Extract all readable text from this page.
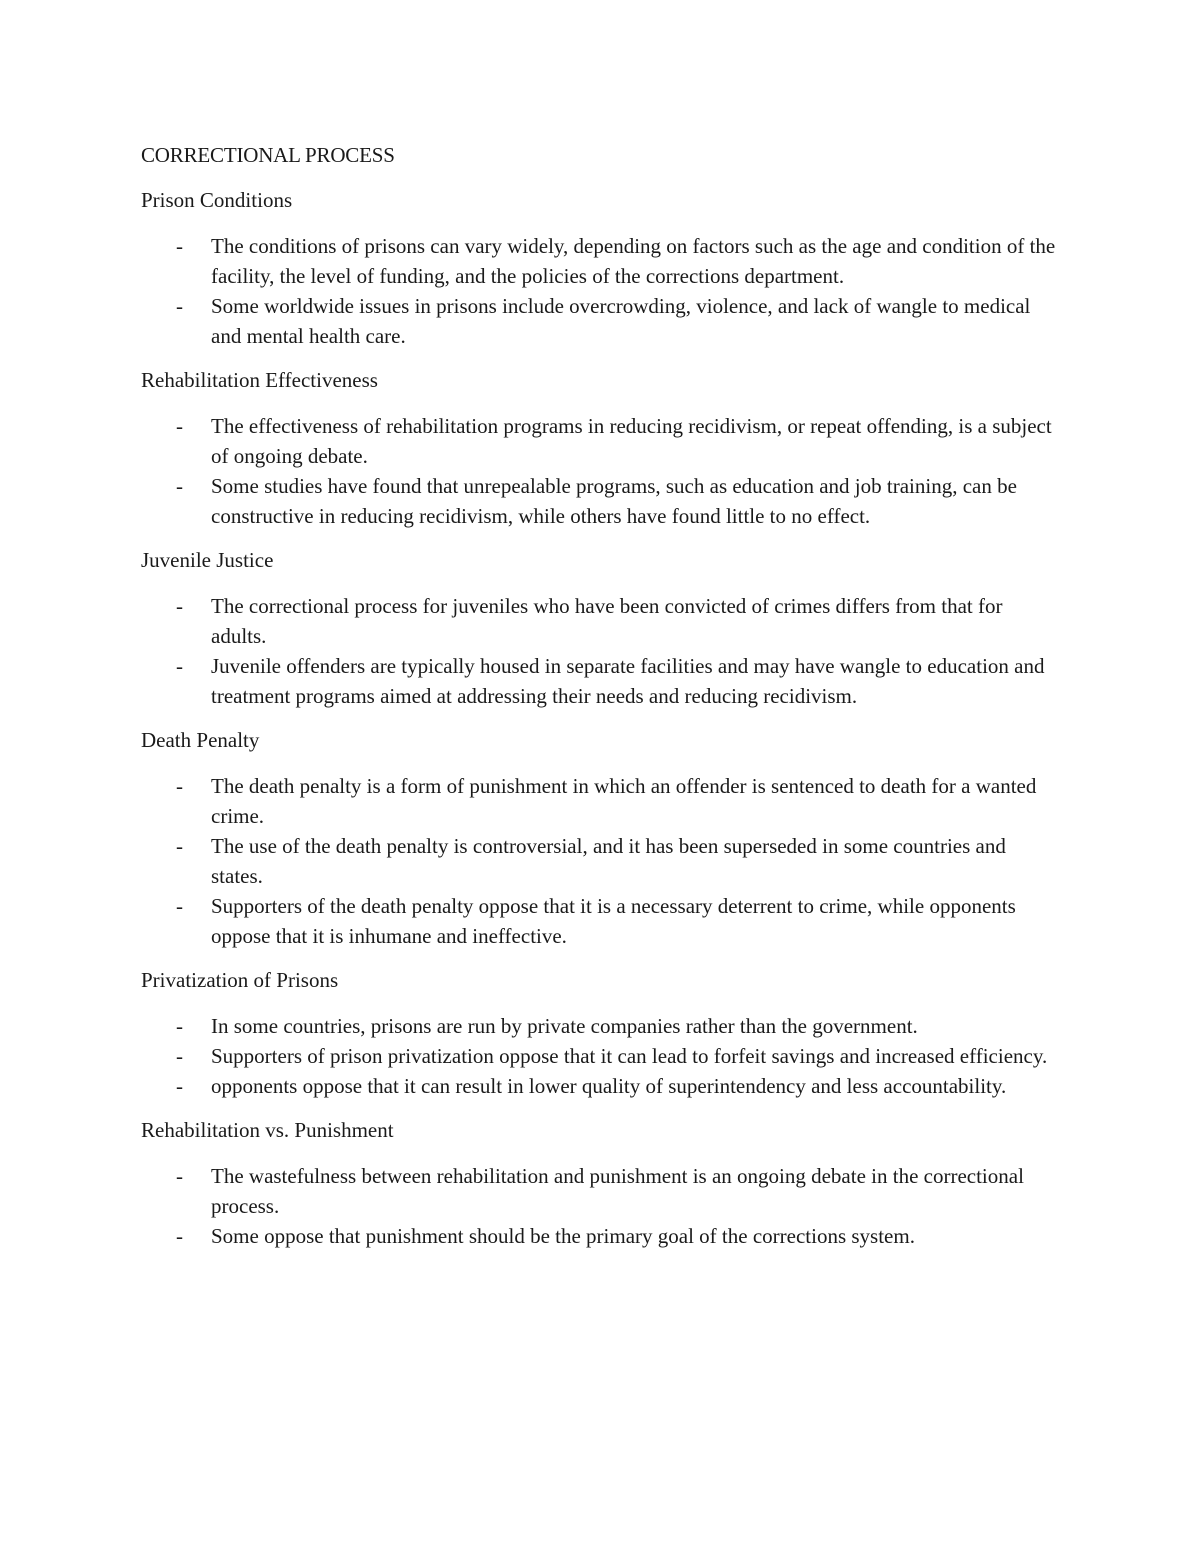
CORRECTIONAL PROCESS
Prison Conditions
- The conditions of prisons can vary widely, depending on factors such as the age and condition of the facility, the level of funding, and the policies of the corrections department.
- Some worldwide issues in prisons include overcrowding, violence, and lack of wangle to medical and mental health care.
Rehabilitation Effectiveness
- The effectiveness of rehabilitation programs in reducing recidivism, or repeat offending, is a subject of ongoing debate.
- Some studies have found that unrepealable programs, such as education and job training, can be constructive in reducing recidivism, while others have found little to no effect.
Juvenile Justice
- The correctional process for juveniles who have been convicted of crimes differs from that for adults.
- Juvenile offenders are typically housed in separate facilities and may have wangle to education and treatment programs aimed at addressing their needs and reducing recidivism.
Death Penalty
- The death penalty is a form of punishment in which an offender is sentenced to death for a wanted crime.
- The use of the death penalty is controversial, and it has been superseded in some countries and states.
- Supporters of the death penalty oppose that it is a necessary deterrent to crime, while opponents oppose that it is inhumane and ineffective.
Privatization of Prisons
- In some countries, prisons are run by private companies rather than the government.
- Supporters of prison privatization oppose that it can lead to forfeit savings and increased efficiency.
- opponents oppose that it can result in lower quality of superintendency and less accountability.
Rehabilitation vs. Punishment
- The wastefulness between rehabilitation and punishment is an ongoing debate in the correctional process.
- Some oppose that punishment should be the primary goal of the corrections system.
